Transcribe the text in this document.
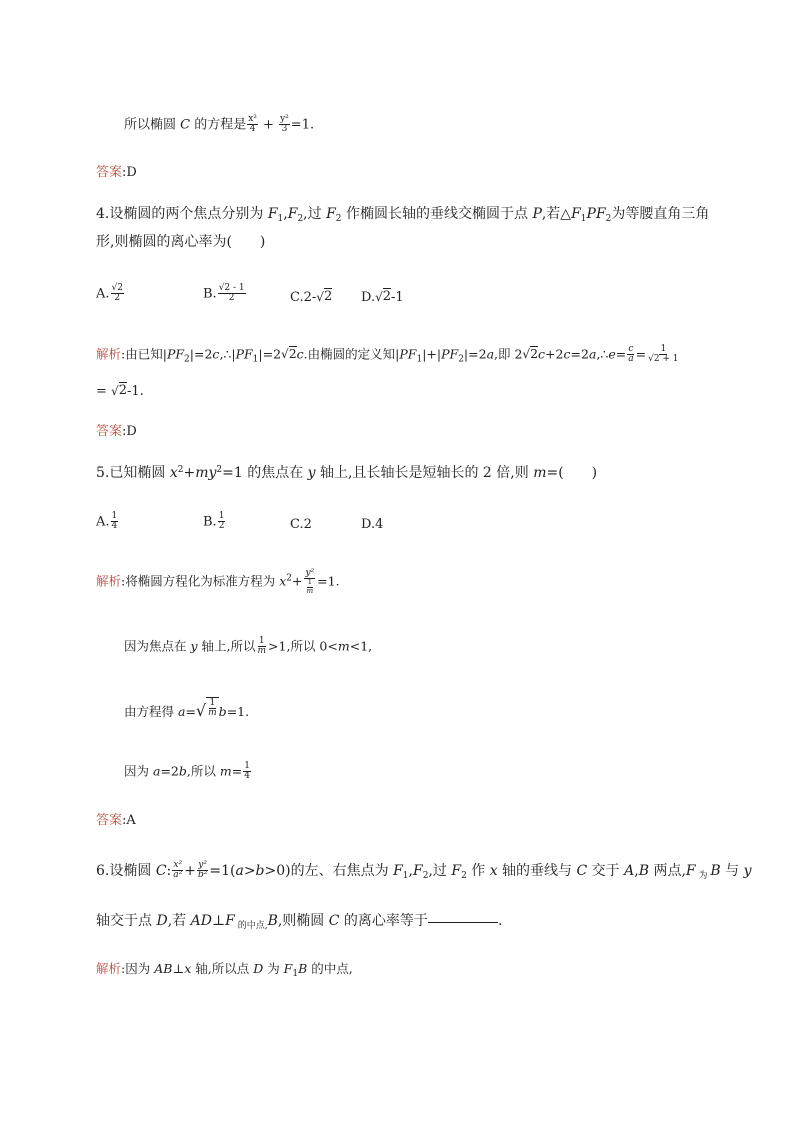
所以椭圆 C 的方程是 $\frac{\text{x²}}{4} + \frac{\text{y²}}{3} =1$.
答案:D
4.设椭圆的两个焦点分别为 $F_1,F_2$,过 $F_2$ 作椭圆长轴的垂线交椭圆于点 P,若$\triangle F_1PF_2$为等腰直角三角
形,则椭圆的离心率为(　　)
A. $\frac{√2}{2}$	B. $\frac{√2 - 1}{2}$	C.2- √ 2 D. √ 2 -1
解析:由已知$|PF_2|=2c,\therefore|PF_1|=2$ √ 2 c.由椭圆的定义知$|PF_1|+|PF_2|=2a$,即 2 √ 2 c+2c=2a,∴e= $\frac{c}{a} = \frac{1}{√2 + 1}$
= √ 2 -1.
答案:D
5.已知椭圆 $x^2+my^2=1$ 的焦点在 y 轴上,且长轴长是短轴长的 2 倍,则 m=(　　)
A. $\frac{1}{4}$	B. $\frac{1}{2}$	C.2	D.4
解析:将椭圆方程化为标准方程为 $x^2+ \frac{\text{y²}}{\frac{1}{m}} =1$.
因为焦点在 y 轴上,所以 $\frac{1}{m} >1$,所以 0<m<1,
由方程得 a= √ $\frac{1}{m} b=1$.
因为 a=2b,所以 $m= \frac{1}{4}$
答案:A
6.设椭圆 C: $\frac{\text{x²}}{\text{a²}} + \frac{\text{y²}}{\text{b²}} =1(a>b>0)$的左、右焦点为 $F_1,F_2$,过 $F_2$ 作 x 轴的垂线与 C 交于 A,B 两点,F $_为$ B 与 y
轴交于点 D,若 AD⊥F $_{的中点,}$B,则椭圆 C 的离心率等于	.
解析:因为 AB⊥x 轴,所以点 D 为 $F_1B$ 的中点,
